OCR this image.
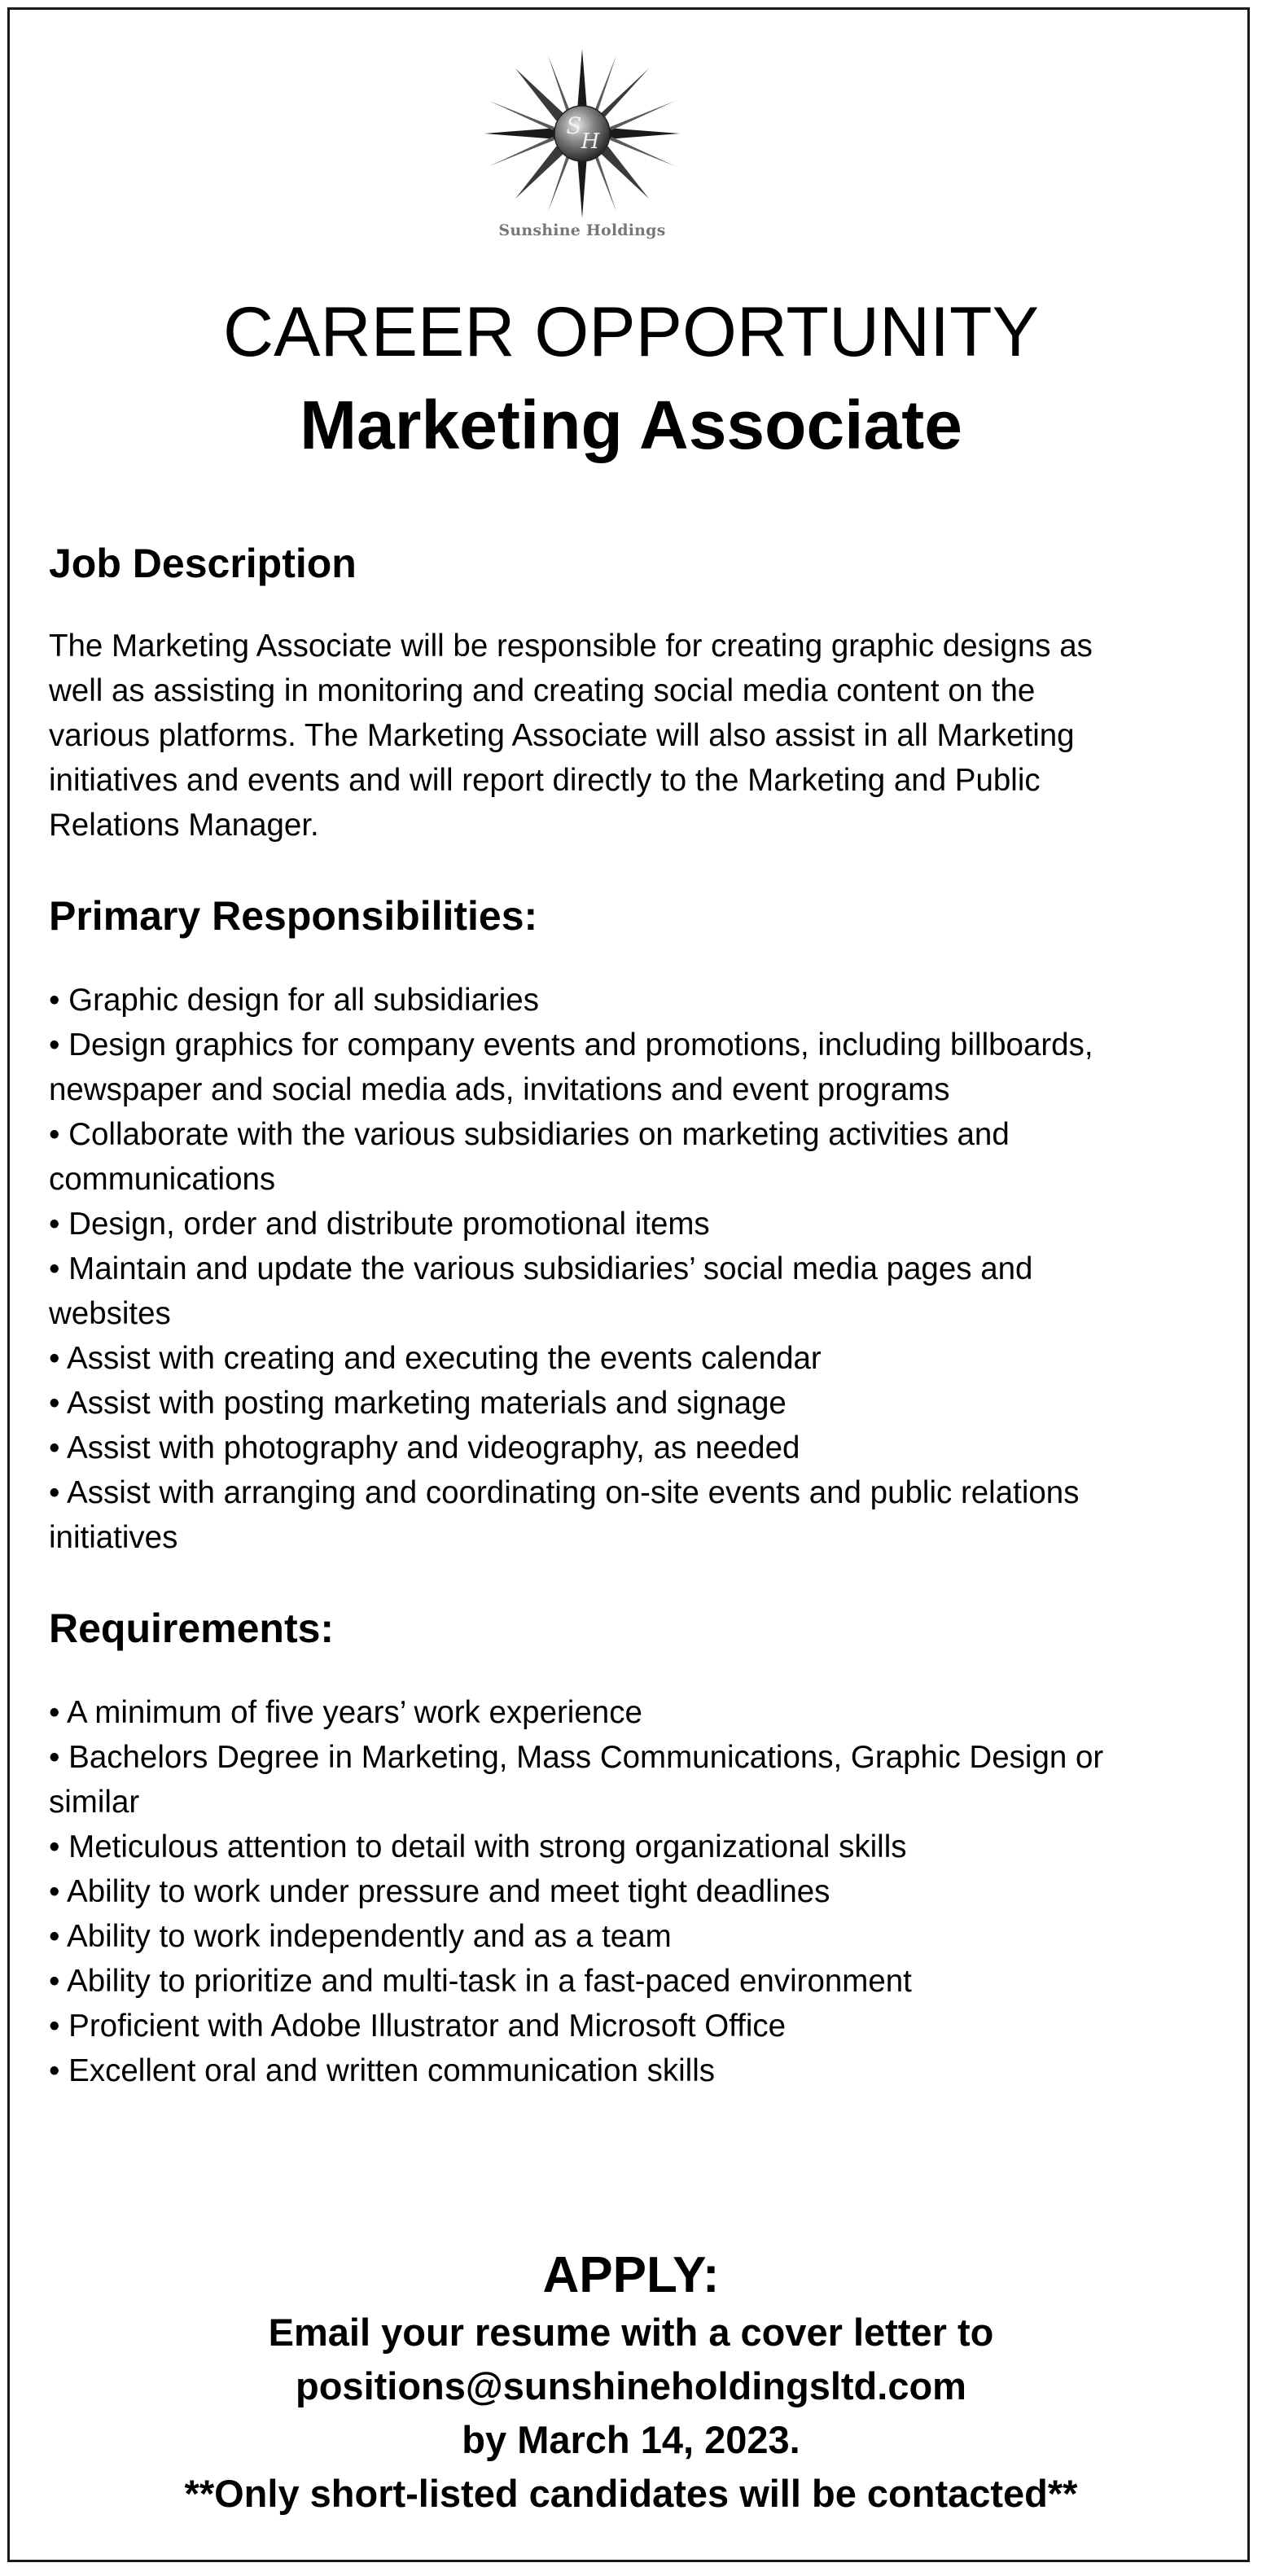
S
H
Sunshine Holdings
CAREER OPPORTUNITY
Marketing Associate
Job Description
The Marketing Associate will be responsible for creating graphic designs as
well as assisting in monitoring and creating social media content on the
various platforms. The Marketing Associate will also assist in all Marketing
initiatives and events and will report directly to the Marketing and Public
Relations Manager.
Primary Responsibilities:
• Graphic design for all subsidiaries
• Design graphics for company events and promotions, including billboards,
newspaper and social media ads, invitations and event programs
• Collaborate with the various subsidiaries on marketing activities and
communications
• Design, order and distribute promotional items
• Maintain and update the various subsidiaries’ social media pages and
websites
• Assist with creating and executing the events calendar
• Assist with posting marketing materials and signage
• Assist with photography and videography, as needed
• Assist with arranging and coordinating on-site events and public relations
initiatives
Requirements:
• A minimum of five years’ work experience
• Bachelors Degree in Marketing, Mass Communications, Graphic Design or
similar
• Meticulous attention to detail with strong organizational skills
• Ability to work under pressure and meet tight deadlines
• Ability to work independently and as a team
• Ability to prioritize and multi-task in a fast-paced environment
• Proficient with Adobe Illustrator and Microsoft Office
• Excellent oral and written communication skills

APPLY:

Email your resume with a cover letter to

positions@sunshineholdingsltd.com

by March 14, 2023.

**Only short-listed candidates will be contacted**
